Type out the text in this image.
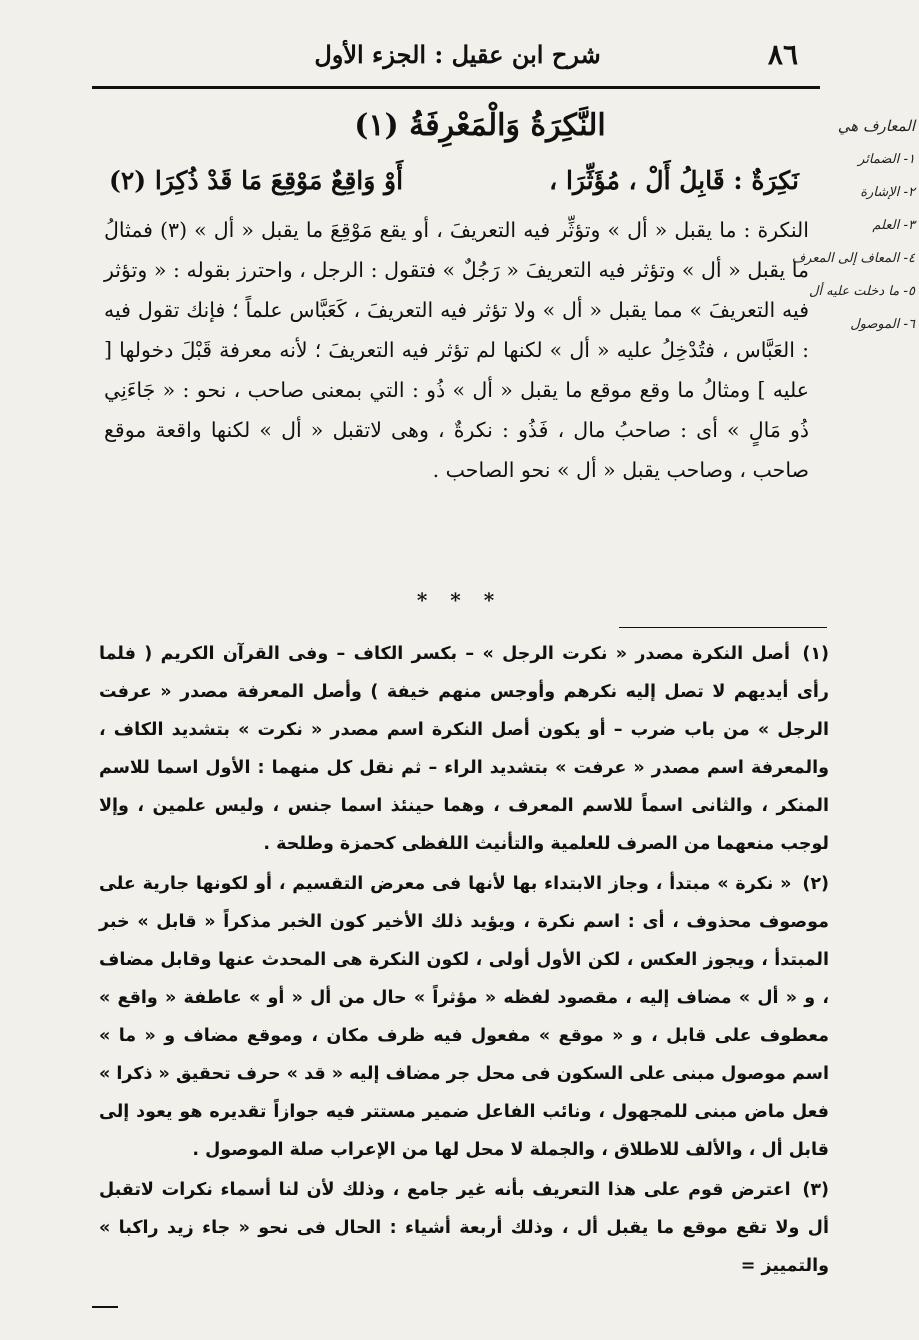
٨٦
شرح ابن عقيل : الجزء الأول
النَّكِرَةُ وَالْمَعْرِفَةُ (١)
نَكِرَةٌ : قَابِلُ أَلْ ، مُؤَثِّرَا ،
أَوْ وَاقِعٌ مَوْقِعَ مَا قَدْ ذُكِرَا (٢)
المعارف هي
١- الضمائر
٢- الإشارة
٣- العلم
٤- المعاف إلى المعرف
٥- ما دخلت عليه أل
٦- الموصول

النكرة : ما يقبل « أل » وتؤثِّر فيه التعريفَ ، أو يقع مَوْقِعَ ما يقبل « أل » (٣) فمثالُ ما يقبل « أل » وتؤثر فيه التعريفَ « رَجُلٌ » فتقول : الرجل ، واحترز بقوله : « وتؤثر فيه التعريفَ » مما يقبل « أل » ولا تؤثر فيه التعريفَ ، كَعَبَّاس علماً ؛ فإنك تقول فيه : العَبَّاس ، فتُدْخِلُ عليه « أل » لكنها لم تؤثر فيه التعريفَ ؛ لأنه معرفة قَبْلَ دخولها [ عليه ] ومثالُ ما وقع موقع ما يقبل « أل » ذُو : التي بمعنى صاحب ، نحو : « جَاءَنِي ذُو مَالٍ » أى : صاحبُ مال ، فَذُو : نكرةٌ ، وهى لاتقبل « أل » لكنها واقعة موقع صاحب ، وصاحب يقبل « أل » نحو الصاحب .

* * *

(١) أصل النكرة مصدر « نكرت الرجل » – بكسر الكاف – وفى القرآن الكريم ( فلما رأى أيديهم لا تصل إليه نكرهم وأوجس منهم خيفة ) وأصل المعرفة مصدر « عرفت الرجل » من باب ضرب – أو يكون أصل النكرة اسم مصدر « نكرت » بتشديد الكاف ، والمعرفة اسم مصدر « عرفت » بتشديد الراء – ثم نقل كل منهما : الأول اسما للاسم المنكر ، والثانى اسماً للاسم المعرف ، وهما حينئذ اسما جنس ، وليس علمين ، وإلا لوجب منعهما من الصرف للعلمية والتأنيث اللفظى كحمزة وطلحة .

(٢) « نكرة » مبتدأ ، وجاز الابتداء بها لأنها فى معرض التقسيم ، أو لكونها جارية على موصوف محذوف ، أى : اسم نكرة ، ويؤيد ذلك الأخير كون الخبر مذكراً « قابل » خبر المبتدأ ، ويجوز العكس ، لكن الأول أولى ، لكون النكرة هى المحدث عنها وقابل مضاف ، و « أل » مضاف إليه ، مقصود لفظه « مؤثراً » حال من أل « أو » عاطفة « واقع » معطوف على قابل ، و « موقع » مفعول فيه ظرف مكان ، وموقع مضاف و « ما » اسم موصول مبنى على السكون فى محل جر مضاف إليه « قد » حرف تحقيق « ذكرا » فعل ماض مبنى للمجهول ، ونائب الفاعل ضمير مستتر فيه جوازاً تقديره هو يعود إلى قابل أل ، والألف للاطلاق ، والجملة لا محل لها من الإعراب صلة الموصول .

(٣) اعترض قوم على هذا التعريف بأنه غير جامع ، وذلك لأن لنا أسماء نكرات لاتقبل أل ولا تقع موقع ما يقبل أل ، وذلك أربعة أشياء : الحال فى نحو « جاء زيد راكبا » والتمييز =
